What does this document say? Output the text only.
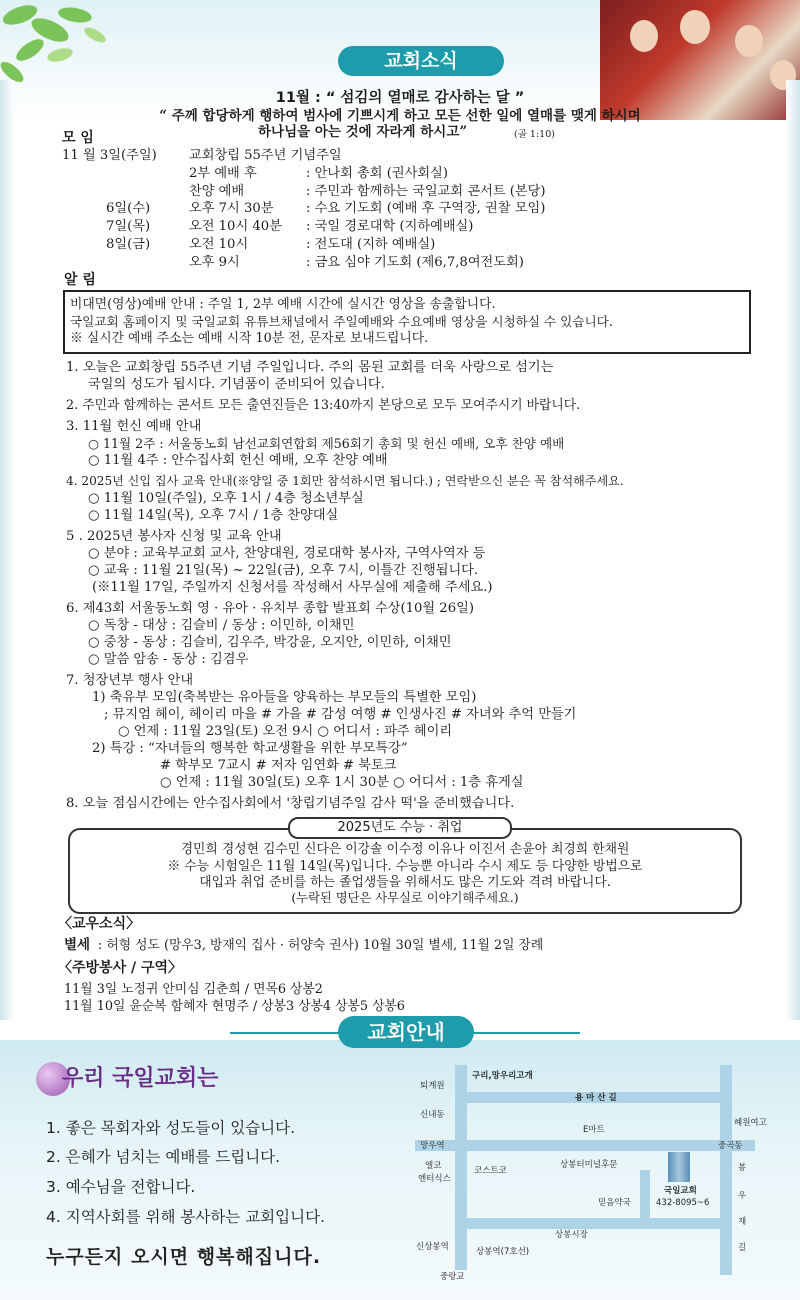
교회소식
11월 : “ 섬김의 열매로 감사하는 달 ”
“ 주께 합당하게 행하여 범사에 기쁘시게 하고 모든 선한 일에 열매를 맺게 하시며
하나님을 아는 것에 자라게 하시고”	(골 1:10)
모 임
11 월 3일(주일) 교회창립 55주년 기념주일
2부 예배 후	: 안나회 총회 (권사회실)
찬양 예배	: 주민과 함께하는 국일교회 콘서트 (본당)
6일(수)	오후 7시 30분 : 수요 기도회 (예배 후 구역장, 권찰 모임)
7일(목)	오전 10시 40분 : 국일 경로대학 (지하예배실)
8일(금)	오전 10시	: 전도대 (지하 예배실)
오후 9시	: 금요 심야 기도회 (제6,7,8여전도회)
알 림
비대면(영상)예배 안내 : 주일 1, 2부 예배 시간에 실시간 영상을 송출합니다.
국일교회 홈페이지 및 국일교회 유튜브채널에서 주일예배와 수요예배 영상을 시청하실 수 있습니다.
※ 실시간 예배 주소는 예배 시작 10분 전, 문자로 보내드립니다.
1. 오늘은 교회창립 55주년 기념 주일입니다. 주의 몸된 교회를 더욱 사랑으로 섬기는
국일의 성도가 됩시다. 기념품이 준비되어 있습니다.
2. 주민과 함께하는 콘서트 모든 출연진들은 13:40까지 본당으로 모두 모여주시기 바랍니다.
3. 11월 헌신 예배 안내
○ 11월 2주 : 서울동노회 남선교회연합회 제56회기 총회 및 헌신 예배, 오후 찬양 예배
○ 11월 4주 : 안수집사회 헌신 예배, 오후 찬양 예배
4. 2025년 신입 집사 교육 안내(※양일 중 1회만 참석하시면 됩니다.) ; 연락받으신 분은 꼭 참석해주세요.
○ 11월 10일(주일), 오후 1시 / 4층 청소년부실
○ 11월 14일(목), 오후 7시 / 1층 찬양대실
5 . 2025년 봉사자 신청 및 교육 안내
○ 분야 : 교육부교회 교사, 찬양대원, 경로대학 봉사자, 구역사역자 등
○ 교육 : 11월 21일(목) ~ 22일(금), 오후 7시, 이틀간 진행됩니다.
(※11월 17일, 주일까지 신청서를 작성해서 사무실에 제출해 주세요.)
6. 제43회 서울동노회 영 · 유아 · 유치부 종합 발표회 수상(10월 26일)
○ 독창 - 대상 : 김슬비 / 동상 : 이민하, 이채민
○ 중창 - 동상 : 김슬비, 김우주, 박강윤, 오지안, 이민하, 이채민
○ 말씀 암송 - 동상 : 김겸우
7. 청장년부 행사 안내
1) 축유부 모임(축복받는 유아들을 양육하는 부모들의 특별한 모임)
; 뮤지엄 헤이, 헤이리 마을 # 가을 # 감성 여행 # 인생사진 # 자녀와 추억 만들기
○ 언제 : 11월 23일(토) 오전 9시 ○ 어디서 : 파주 헤이리
2) 특강 : “자녀들의 행복한 학교생활을 위한 부모특강”
# 학부모 7교시 # 저자 임연화 # 북토크
○ 언제 : 11월 30일(토) 오후 1시 30분 ○ 어디서 : 1층 휴게실
8. 오늘 점심시간에는 안수집사회에서 '창립기념주일 감사 떡'을 준비했습니다.
2025년도 수능 · 취업
경민희 경성현 김수민 신다은 이강솔 이수정 이유나 이진서 손윤아 최경희 한채원
※ 수능 시험일은 11월 14일(목)입니다. 수능뿐 아니라 수시 제도 등 다양한 방법으로
대입과 취업 준비를 하는 졸업생들을 위해서도 많은 기도와 격려 바랍니다.
(누락된 명단은 사무실로 이야기해주세요.)
〈교우소식〉
별세 : 허형 성도 (망우3, 방재익 집사 · 허양숙 권사) 10월 30일 별세, 11월 2일 장례
〈주방봉사 / 구역〉
11월 3일 노정귀 안미심 김춘희 / 면목6 상봉2
11월 10일 윤순복 함혜자 현명주 / 상봉3 상봉4 상봉5 상봉6
교회안내
우리 국일교회는
1. 좋은 목회자와 성도들이 있습니다.
2. 은혜가 넘치는 예배를 드립니다.
3. 예수님을 전합니다.
4. 지역사회를 위해 봉사하는 교회입니다.
누구든지 오시면 행복해집니다.
구리,망우리고개
퇴계원
용 마 산 길
신내동
혜원여고
E마트
망우역	중곡동
엘코
엔터식스
코스트코
상봉터미널후문	봉
우
재
길
국일교회
432-8095~6
믿음약국
상봉시장
신상봉역	상봉역(7호선)
중랑교
